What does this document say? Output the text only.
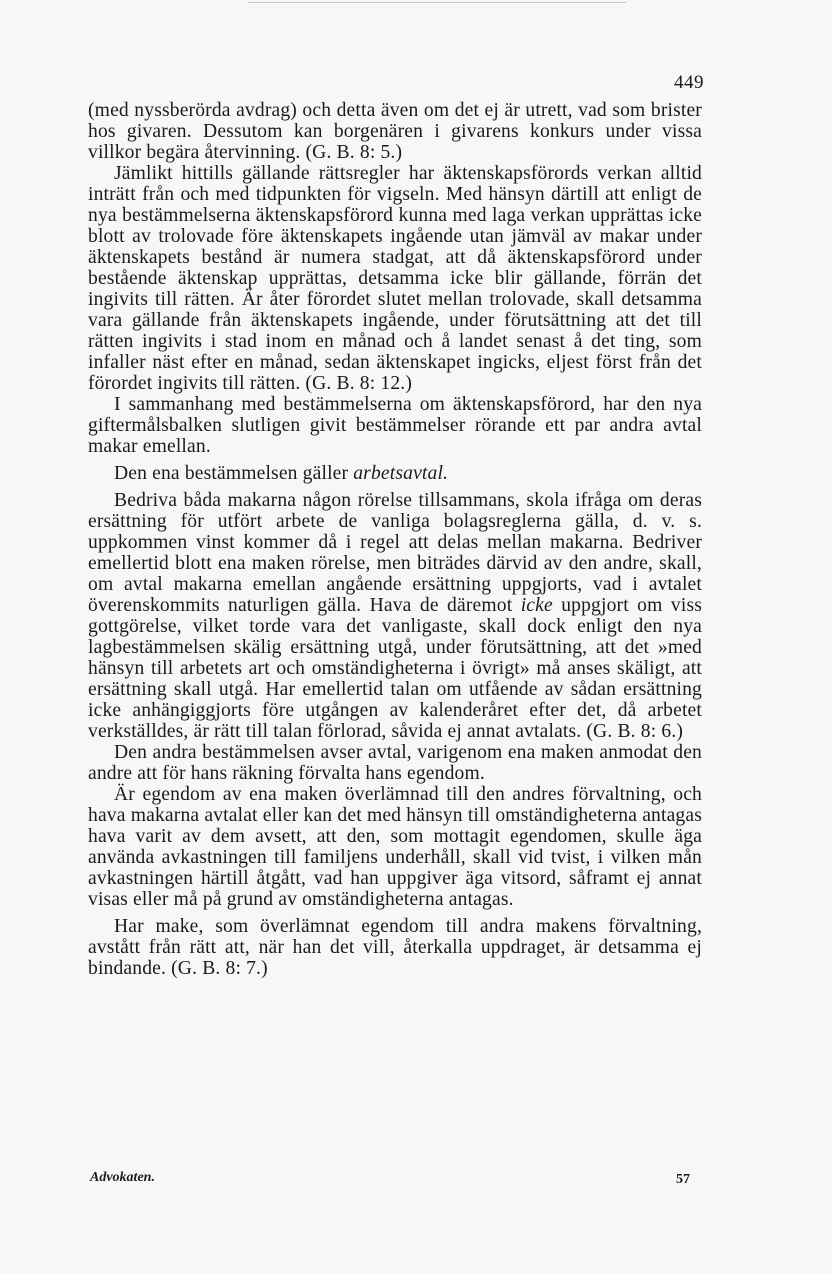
449

(med nyssberörda avdrag) och detta även om det ej är utrett, vad som brister hos givaren. Dessutom kan borgenären i givarens konkurs under vissa villkor begära återvinning. (G. B. 8: 5.)

Jämlikt hittills gällande rättsregler har äktenskapsförords verkan alltid inträtt från och med tidpunkten för vigseln. Med hänsyn därtill att enligt de nya bestämmelserna äktenskapsförord kunna med laga verkan upprättas icke blott av trolovade före äktenskapets ingående utan jämväl av makar under äktenskapets bestånd är numera stadgat, att då äktenskapsförord under bestående äktenskap upprättas, detsamma icke blir gällande, förrän det ingivits till rätten. Är åter förordet slutet mellan trolovade, skall detsamma vara gällande från äktenskapets ingående, under förutsättning att det till rätten ingivits i stad inom en månad och å landet senast å det ting, som infaller näst efter en månad, sedan äktenskapet ingicks, eljest först från det förordet ingivits till rätten. (G. B. 8: 12.)

I sammanhang med bestämmelserna om äktenskapsförord, har den nya giftermålsbalken slutligen givit bestämmelser rörande ett par andra avtal makar emellan.

Den ena bestämmelsen gäller arbetsavtal.

Bedriva båda makarna någon rörelse tillsammans, skola ifråga om deras ersättning för utfört arbete de vanliga bolagsreglerna gälla, d. v. s. uppkommen vinst kommer då i regel att delas mellan makarna. Bedriver emellertid blott ena maken rörelse, men biträdes därvid av den andre, skall, om avtal makarna emellan angående ersättning uppgjorts, vad i avtalet överenskommits naturligen gälla. Hava de däremot icke uppgjort om viss gottgörelse, vilket torde vara det vanligaste, skall dock enligt den nya lagbestämmelsen skälig ersättning utgå, under förutsättning, att det »med hänsyn till arbetets art och omständigheterna i övrigt» må anses skäligt, att ersättning skall utgå. Har emellertid talan om utfående av sådan ersättning icke anhängiggjorts före utgången av kalenderåret efter det, då arbetet verkställdes, är rätt till talan förlorad, såvida ej annat avtalats. (G. B. 8: 6.)

Den andra bestämmelsen avser avtal, varigenom ena maken anmodat den andre att för hans räkning förvalta hans egendom.

Är egendom av ena maken överlämnad till den andres förvaltning, och hava makarna avtalat eller kan det med hänsyn till omständigheterna antagas hava varit av dem avsett, att den, som mottagit egendomen, skulle äga använda avkastningen till familjens underhåll, skall vid tvist, i vilken mån avkastningen härtill åtgått, vad han uppgiver äga vitsord, såframt ej annat visas eller må på grund av omständigheterna antagas.

Har make, som överlämnat egendom till andra makens förvaltning, avstått från rätt att, när han det vill, återkalla uppdraget, är detsamma ej bindande. (G. B. 8: 7.)

Advokaten.	57
